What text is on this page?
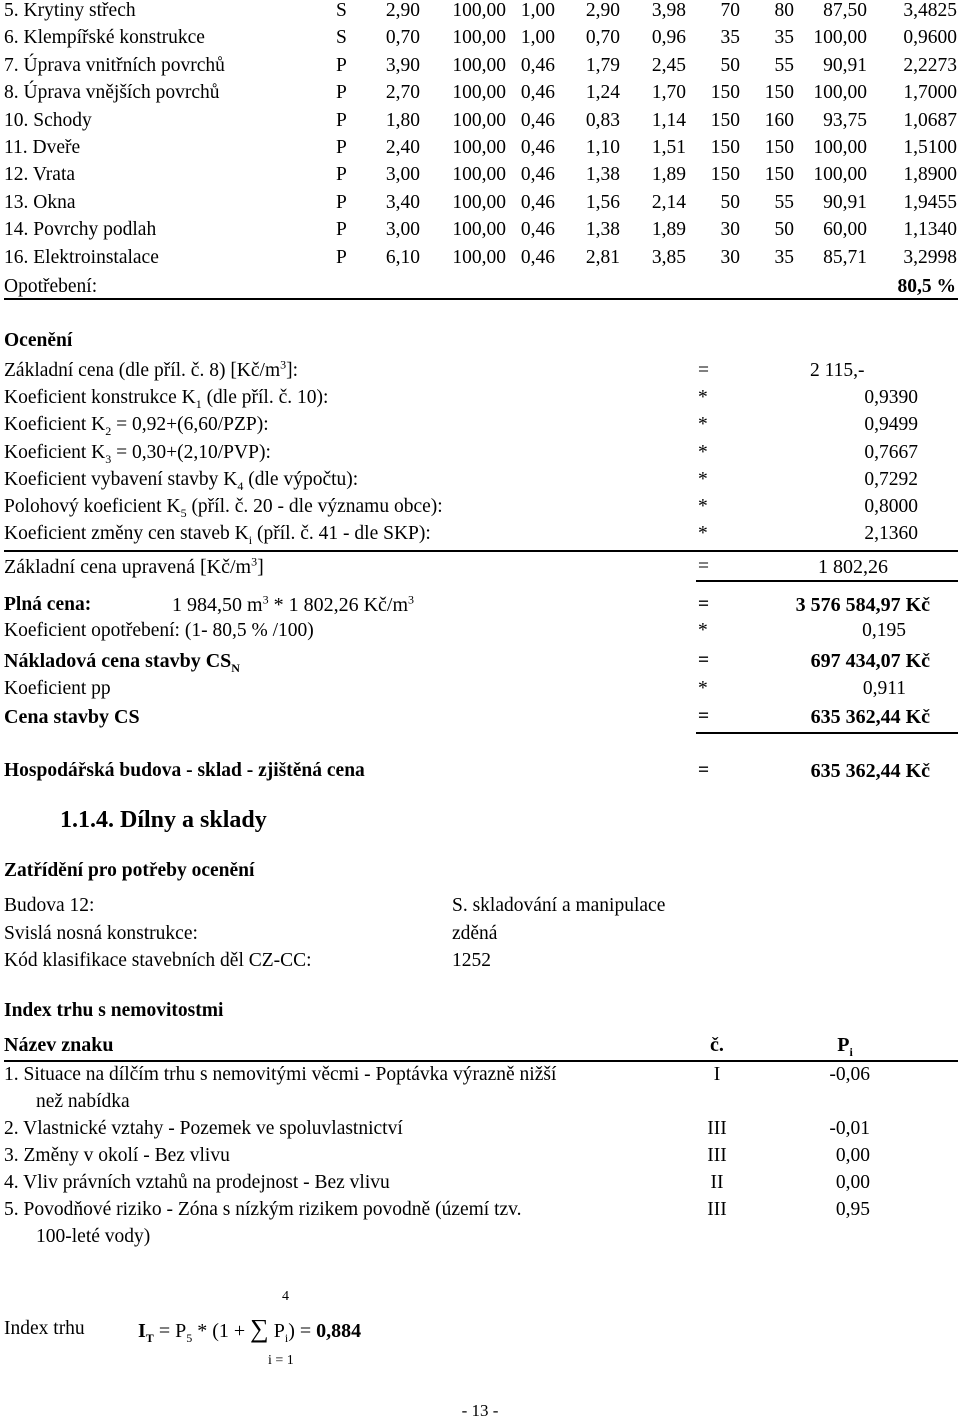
5. Krytiny střech	S	2,90	100,00 1,00	2,90	3,98	70	80	87,50	3,4825
6. Klempířské konstrukce	S	0,70	100,00 1,00	0,70	0,96	35	35 100,00	0,9600
7. Úprava vnitřních povrchů	P	3,90	100,00 0,46	1,79	2,45	50	55	90,91	2,2273
8. Úprava vnějších povrchů	P	2,70	100,00 0,46	1,24	1,70	150	150 100,00	1,7000
10. Schody	P	1,80	100,00 0,46	0,83	1,14	150	160	93,75	1,0687
11. Dveře	P	2,40	100,00 0,46	1,10	1,51	150	150 100,00	1,5100
12. Vrata	P	3,00	100,00 0,46	1,38	1,89	150	150 100,00	1,8900
13. Okna	P	3,40	100,00 0,46	1,56	2,14	50	55	90,91	1,9455
14. Povrchy podlah	P	3,00	100,00 0,46	1,38	1,89	30	50	60,00	1,1340
16. Elektroinstalace	P	6,10	100,00 0,46	2,81	3,85	30	35	85,71	3,2998
Opotřebení:	80,5 %
Ocenění
Základní cena (dle příl. č. 8) $[Kč/m^3]$:	=	2 115,-
Koeficient konstrukce $K_1$ (dle příl. č. 10):	*	0,9390
Koeficient $K_2 = 0,92+(6,60/PZP)$:	*	0,9499
Koeficient $K_3 = 0,30+(2,10/PVP)$:	*	0,7667
Koeficient vybavení stavby $K_4$ (dle výpočtu):	*	0,7292
Polohový koeficient $K_5$ (příl. č. 20 - dle významu obce):	*	0,8000
Koeficient změny cen staveb $K_i$ (příl. č. 41 - dle SKP):	*	2,1360
Základní cena upravená $[Kč/m^3]$	=	1 802,26
Plná cena:	1 984,50 $m^3 * 1$ 802,26 $Kč/m^3$	=	3 576 584,97 Kč
Koeficient opotřebení: (1- 80,5 % /100)	*	0,195
Nákladová cena stavby $CS_N$	=	697 434,07 Kč
Koeficient pp	*	0,911
Cena stavby CS	=	635 362,44 Kč
Hospodářská budova - sklad - zjištěná cena	=	635 362,44 Kč
1.1.4. Dílny a sklady
Zatřídění pro potřeby ocenění
Budova 12:	S. skladování a manipulace
Svislá nosná konstrukce:	zděná
Kód klasifikace stavebních děl CZ-CC:	1252
Index trhu s nemovitostmi
Název znaku	č.	$P_i$
1. Situace na dílčím trhu s nemovitými věcmi - Poptávka výrazně nižší
než nabídka
I	-0,06
2. Vlastnické vztahy - Pozemek ve spoluvlastnictví	III	-0,01
3. Změny v okolí - Bez vlivu	III	0,00
4. Vliv právních vztahů na prodejnost - Bez vlivu	II	0,00
5. Povodňové riziko - Zóna s nízkým rizikem povodně (území tzv.
100-leté vody)
III	0,95
Index trhu
4
i = 1
$I_T = P_5 * (1$ + ∑ $P_i) = 0,884$
- 13 -
